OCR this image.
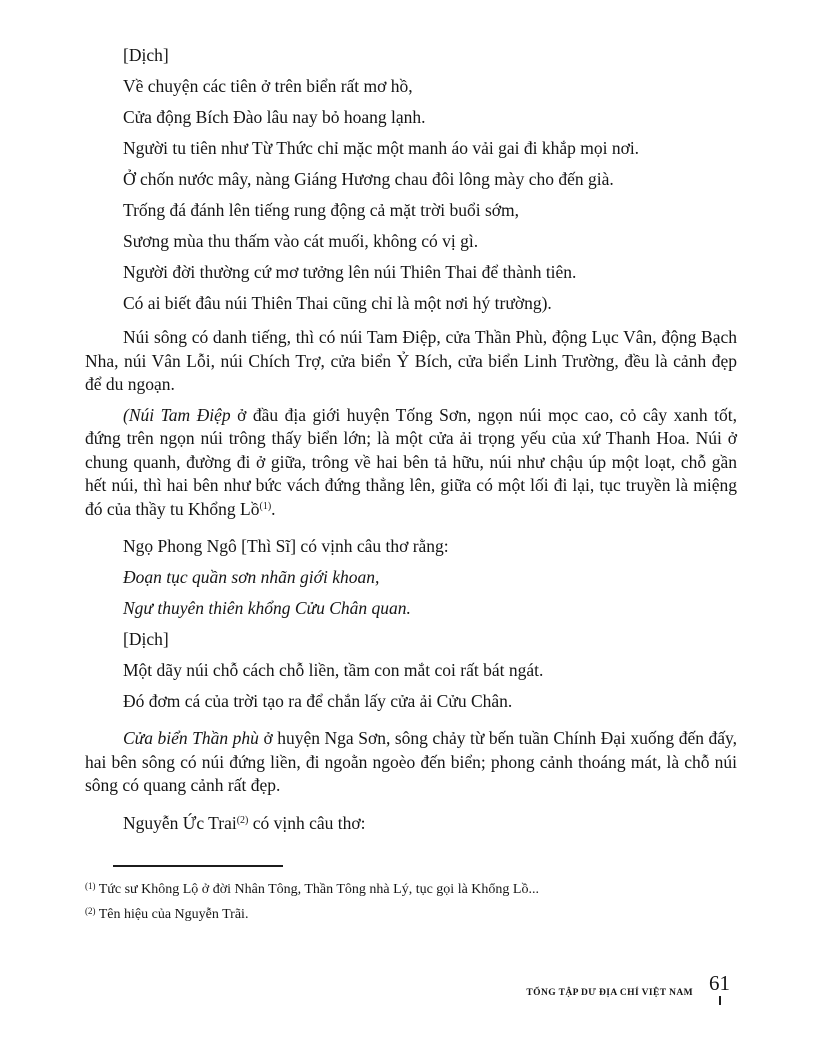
[Dịch]

Về chuyện các tiên ở trên biển rất mơ hồ,

Cửa động Bích Đào lâu nay bỏ hoang lạnh.

Người tu tiên như Từ Thức chỉ mặc một manh áo vải gai đi khắp mọi nơi.

Ở chốn nước mây, nàng Giáng Hương chau đôi lông mày cho đến già.

Trống đá đánh lên tiếng rung động cả mặt trời buổi sớm,

Sương mùa thu thấm vào cát muối, không có vị gì.

Người đời thường cứ mơ tưởng lên núi Thiên Thai để thành tiên.

Có ai biết đâu núi Thiên Thai cũng chỉ là một nơi hý trường).

Núi sông có danh tiếng, thì có núi Tam Điệp, cửa Thần Phù, động Lục Vân, động Bạch Nha, núi Vân Lỗi, núi Chích Trợ, cửa biển Ỷ Bích, cửa biển Linh Trường, đều là cảnh đẹp để du ngoạn.

(Núi Tam Điệp ở đầu địa giới huyện Tống Sơn, ngọn núi mọc cao, cỏ cây xanh tốt, đứng trên ngọn núi trông thấy biển lớn; là một cửa ải trọng yếu của xứ Thanh Hoa. Núi ở chung quanh, đường đi ở giữa, trông về hai bên tả hữu, núi như chậu úp một loạt, chỗ gần hết núi, thì hai bên như bức vách đứng thẳng lên, giữa có một lối đi lại, tục truyền là miệng đó của thầy tu Khổng Lồ$^{(1)}$.

Ngọ Phong Ngô [Thì Sĩ] có vịnh câu thơ rằng:

Đoạn tục quần sơn nhãn giới khoan,

Ngư thuyên thiên khổng Cửu Chân quan.

[Dịch]

Một dãy núi chỗ cách chỗ liền, tầm con mắt coi rất bát ngát.

Đó đơm cá của trời tạo ra để chắn lấy cửa ải Cửu Chân.

Cửa biển Thần phù ở huyện Nga Sơn, sông chảy từ bến tuần Chính Đại xuống đến đấy, hai bên sông có núi đứng liền, đi ngoằn ngoèo đến biển; phong cảnh thoáng mát, là chỗ núi sông có quang cảnh rất đẹp.

Nguyễn Ức Trai$^{(2)}$ có vịnh câu thơ:

$^{(1)}$ Tức sư Không Lộ ở đời Nhân Tông, Thần Tông nhà Lý, tục gọi là Khổng Lồ...

$^{(2)}$ Tên hiệu của Nguyễn Trãi.

TỔNG TẬP DƯ ĐỊA CHÍ VIỆT NAM 61
